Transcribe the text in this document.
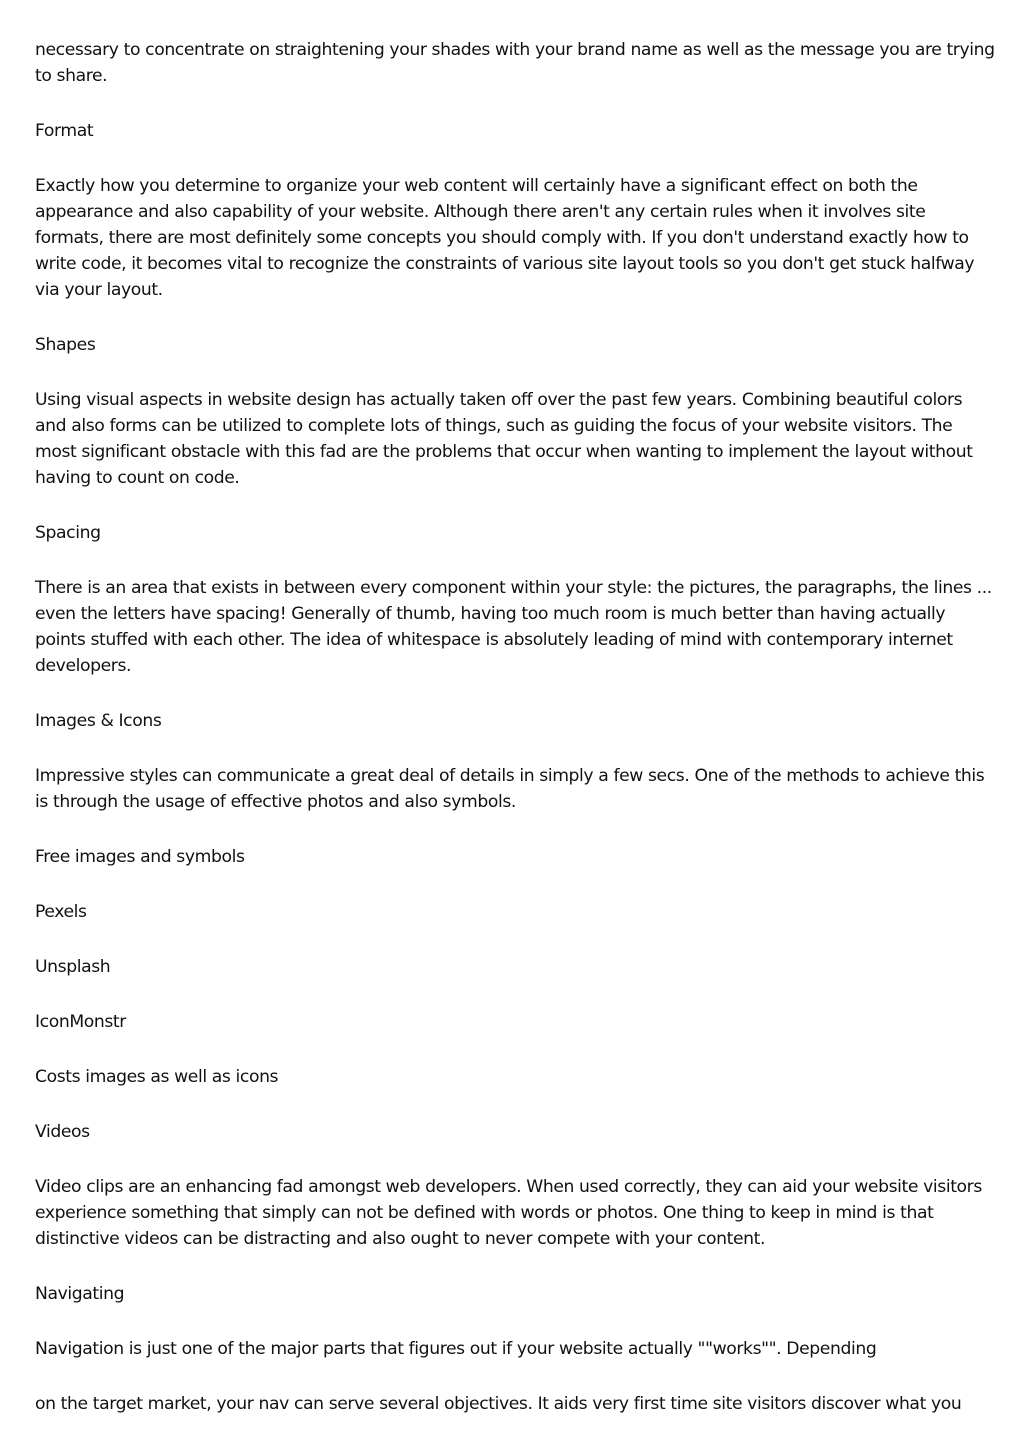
necessary to concentrate on straightening your shades with your brand name as well as the message you are trying to share.

Format

Exactly how you determine to organize your web content will certainly have a significant effect on both the appearance and also capability of your website. Although there aren't any certain rules when it involves site formats, there are most definitely some concepts you should comply with. If you don't understand exactly how to write code, it becomes vital to recognize the constraints of various site layout tools so you don't get stuck halfway via your layout.

Shapes

Using visual aspects in website design has actually taken off over the past few years. Combining beautiful colors and also forms can be utilized to complete lots of things, such as guiding the focus of your website visitors. The most significant obstacle with this fad are the problems that occur when wanting to implement the layout without having to count on code.

Spacing

There is an area that exists in between every component within your style: the pictures, the paragraphs, the lines ... even the letters have spacing! Generally of thumb, having too much room is much better than having actually points stuffed with each other. The idea of whitespace is absolutely leading of mind with contemporary internet developers.

Images & Icons

Impressive styles can communicate a great deal of details in simply a few secs. One of the methods to achieve this is through the usage of effective photos and also symbols.

Free images and symbols

Pexels

Unsplash

IconMonstr

Costs images as well as icons

Videos

Video clips are an enhancing fad amongst web developers. When used correctly, they can aid your website visitors experience something that simply can not be defined with words or photos. One thing to keep in mind is that distinctive videos can be distracting and also ought to never compete with your content.

Navigating

Navigation is just one of the major parts that figures out if your website actually ""works"". Depending

on the target market, your nav can serve several objectives. It aids very first time site visitors discover what you
